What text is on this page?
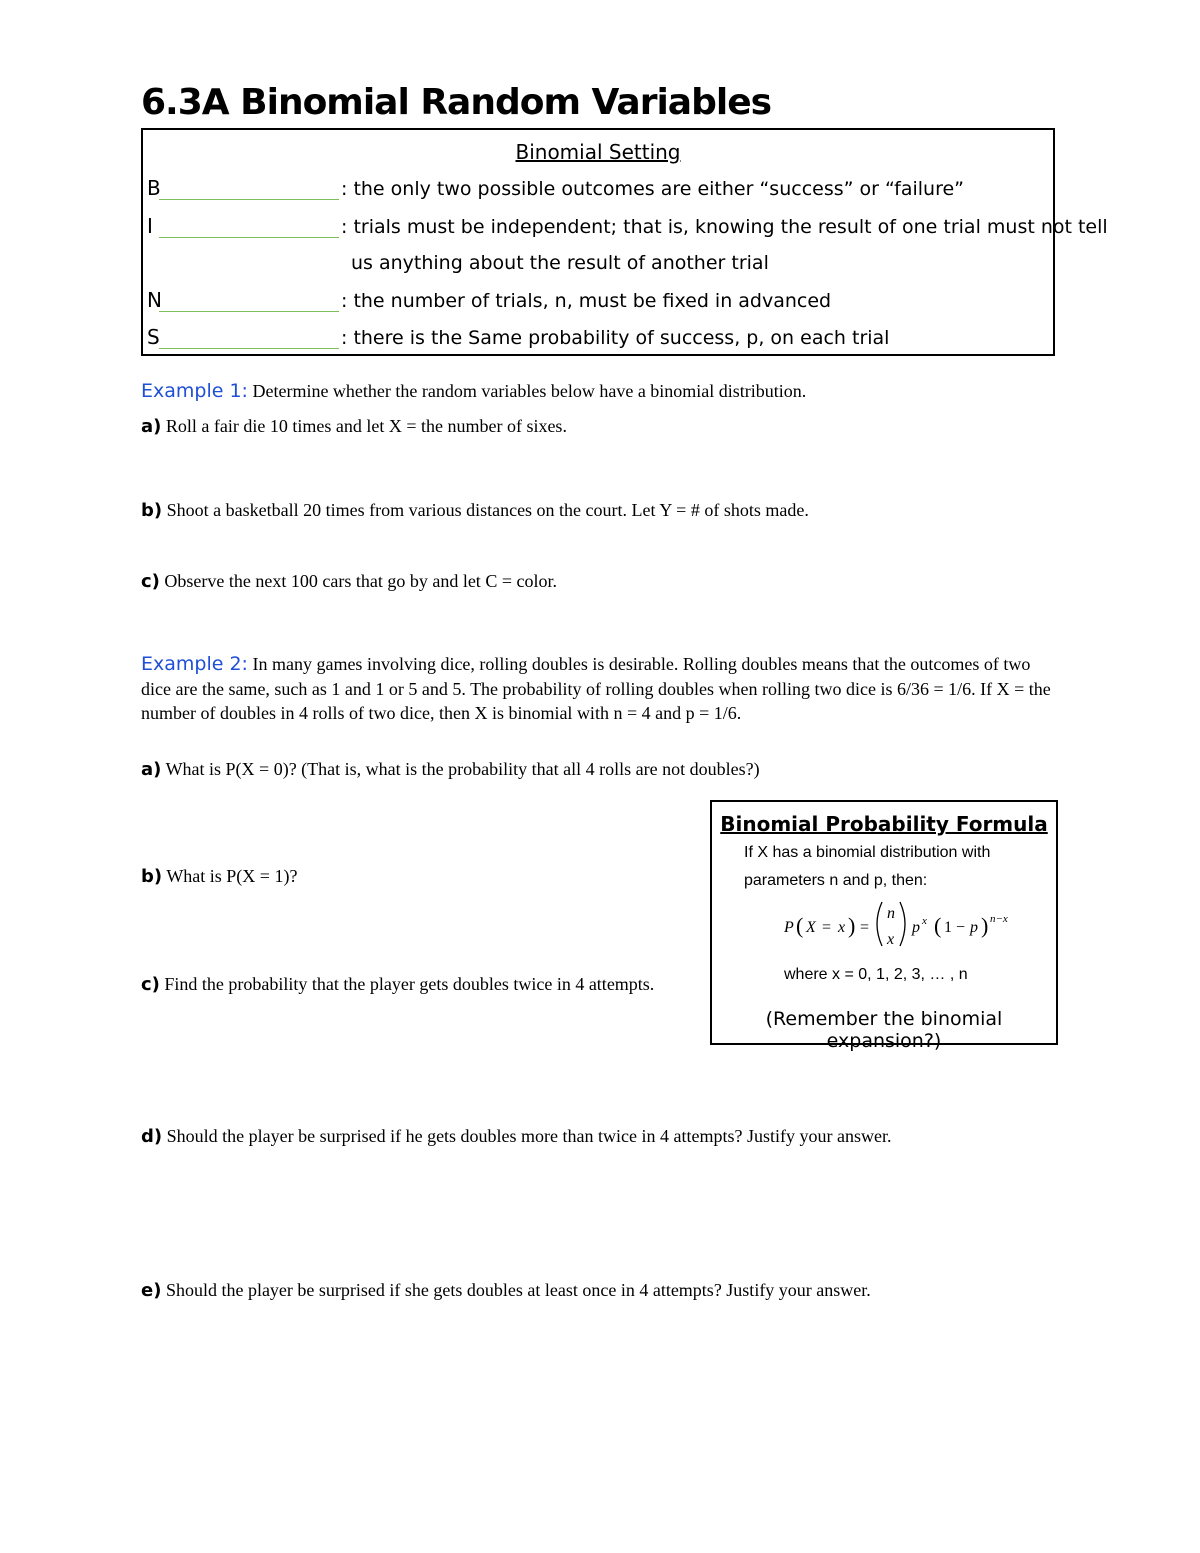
6.3A Binomial Random Variables
Binomial Setting
B	: the only two possible outcomes are either “success” or “failure”
I	: trials must be independent; that is, knowing the result of one trial must not tell
us anything about the result of another trial
N	: the number of trials, n, must be fixed in advanced
S	: there is the Same probability of success, p, on each trial
Example 1: Determine whether the random variables below have a binomial distribution.
a) Roll a fair die 10 times and let X = the number of sixes.
b) Shoot a basketball 20 times from various distances on the court. Let Y = # of shots made.
c) Observe the next 100 cars that go by and let C = color.
Example 2: In many games involving dice, rolling doubles is desirable. Rolling doubles means that the outcomes of two dice are the same, such as 1 and 1 or 5 and 5. The probability of rolling doubles when rolling two dice is 6/36 = 1/6. If X = the number of doubles in 4 rolls of two dice, then X is binomial with n = 4 and p = 1/6.
a) What is P(X = 0)? (That is, what is the probability that all 4 rolls are not doubles?)
b) What is P(X = 1)?
c) Find the probability that the player gets doubles twice in 4 attempts.
d) Should the player be surprised if he gets doubles more than twice in 4 attempts? Justify your answer.
e) Should the player be surprised if she gets doubles at least once in 4 attempts? Justify your answer.
Binomial Probability Formula
If X has a binomial distribution with
parameters n and p, then:
P ( X = x ) =
n
x
p x ( 1 − p ) n−x
where x = 0, 1, 2, 3, … , n
(Remember the binomial expansion?)
